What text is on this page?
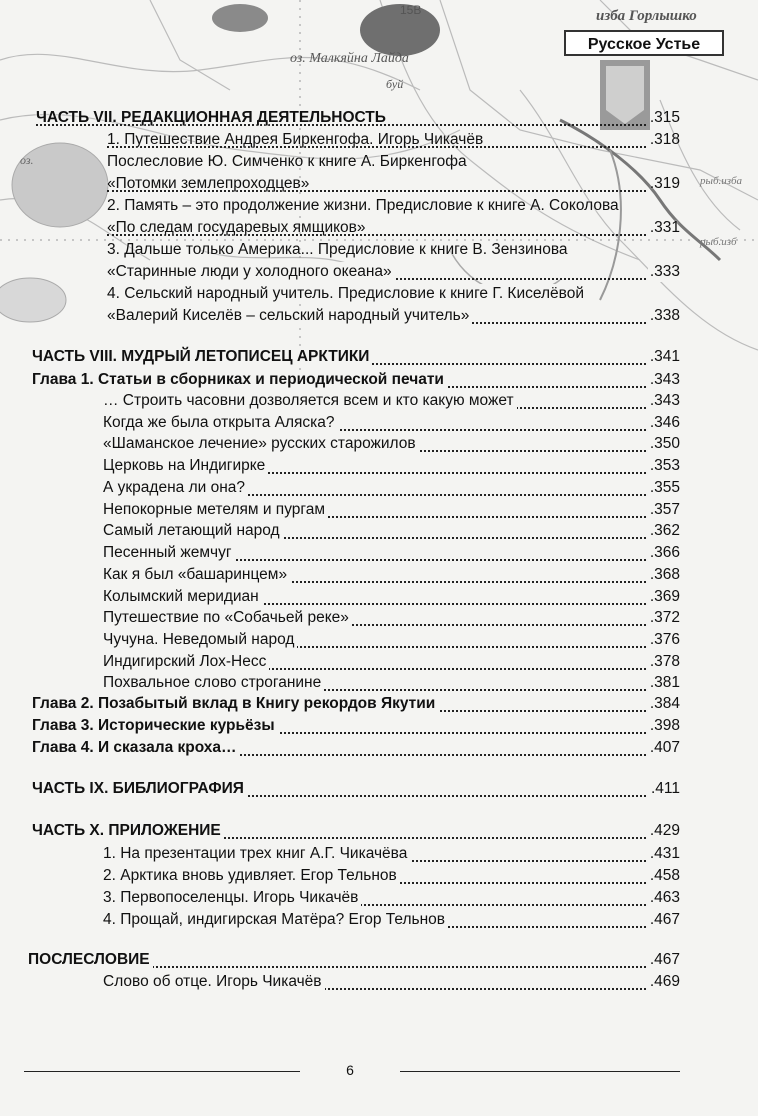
оз. Малкяйна Лайда
буй
15В	изба Горлышко
оз.
рыб.изба
рыб.изб
Русское Устье
ЧАСТЬ VII. РЕДАКЦИОННАЯ ДЕЯТЕЛЬНОСТЬ	.315
1. Путешествие Андрея Биркенгофа. Игорь Чикачёв	.318
Послесловие Ю. Симченко к книге А. Биркенгофа
«Потомки землепроходцев»	.319
2. Память – это продолжение жизни. Предисловие к книге А. Соколова
«По следам государевых ямщиков»	.331
3. Дальше только Америка... Предисловие к книге В. Зензинова
«Старинные люди у холодного океана»	.333
4. Сельский народный учитель. Предисловие к книге Г. Киселёвой
«Валерий Киселёв – сельский народный учитель»	.338
ЧАСТЬ VIII. МУДРЫЙ ЛЕТОПИСЕЦ АРКТИКИ	.341
Глава 1. Статьи в сборниках и периодической печати	.343
… Строить часовни дозволяется всем и кто какую может	.343
Когда же была открыта Аляска?	.346
«Шаманское лечение» русских старожилов	.350
Церковь на Индигирке	.353
А украдена ли она?	.355
Непокорные метелям и пургам	.357
Самый летающий народ	.362
Песенный жемчуг	.366
Как я был «башаринцем»	.368
Колымский меридиан	.369
Путешествие по «Собачьей реке»	.372
Чучуна. Неведомый народ	.376
Индигирский Лох-Несс	.378
Похвальное слово строганине	.381
Глава 2. Позабытый вклад в Книгу рекордов Якутии	.384
Глава 3. Исторические курьёзы	.398
Глава 4. И сказала кроха…	.407
ЧАСТЬ IX. БИБЛИОГРАФИЯ	.411
ЧАСТЬ X. ПРИЛОЖЕНИЕ	.429
1. На презентации трех книг А.Г. Чикачёва	.431
2. Арктика вновь удивляет. Егор Тельнов	.458
3. Первопоселенцы. Игорь Чикачёв	.463
4. Прощай, индигирская Матёра? Егор Тельнов	.467
ПОСЛЕСЛОВИЕ	.467
Слово об отце. Игорь Чикачёв	.469
6
